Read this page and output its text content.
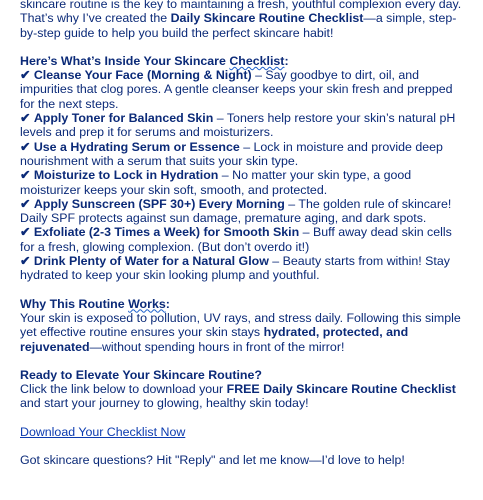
skincare routine is the key to maintaining a fresh, youthful complexion every day. That’s why I’ve created the Daily Skincare Routine Checklist—a simple, step-by-step guide to help you build the perfect skincare habit!

Here’s What’s Inside Your Skincare Checklist:

✔ Cleanse Your Face (Morning & Night) – Say goodbye to dirt, oil, and impurities that clog pores. A gentle cleanser keeps your skin fresh and prepped for the next steps.

✔ Apply Toner for Balanced Skin – Toners help restore your skin’s natural pH levels and prep it for serums and moisturizers.

✔ Use a Hydrating Serum or Essence – Lock in moisture and provide deep nourishment with a serum that suits your skin type.

✔ Moisturize to Lock in Hydration – No matter your skin type, a good moisturizer keeps your skin soft, smooth, and protected.

✔ Apply Sunscreen (SPF 30+) Every Morning – The golden rule of skincare! Daily SPF protects against sun damage, premature aging, and dark spots.

✔ Exfoliate (2-3 Times a Week) for Smooth Skin – Buff away dead skin cells for a fresh, glowing complexion. (But don’t overdo it!)

✔ Drink Plenty of Water for a Natural Glow – Beauty starts from within! Stay hydrated to keep your skin looking plump and youthful.

Why This Routine Works:

Your skin is exposed to pollution, UV rays, and stress daily. Following this simple yet effective routine ensures your skin stays hydrated, protected, and rejuvenated—without spending hours in front of the mirror!

Ready to Elevate Your Skincare Routine?

Click the link below to download your FREE Daily Skincare Routine Checklist and start your journey to glowing, healthy skin today!

Download Your Checklist Now

Got skincare questions? Hit "Reply" and let me know—I’d love to help!
